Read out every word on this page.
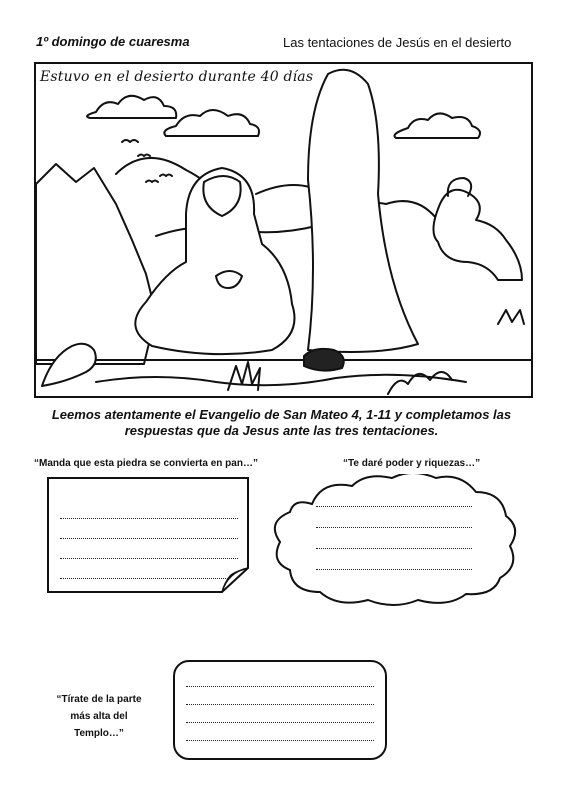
1º domingo de cuaresma	Las tentaciones de Jesús en el desierto
Estuvo en el desierto durante 40 días
Leemos atentamente el Evangelio de San Mateo 4, 1-11 y completamos las
respuestas que da Jesus ante las tres tentaciones.
“Manda que esta piedra se convierta en pan…”	“Te daré poder y riquezas…”
“Tírate de la parte
más alta del
Templo…”
